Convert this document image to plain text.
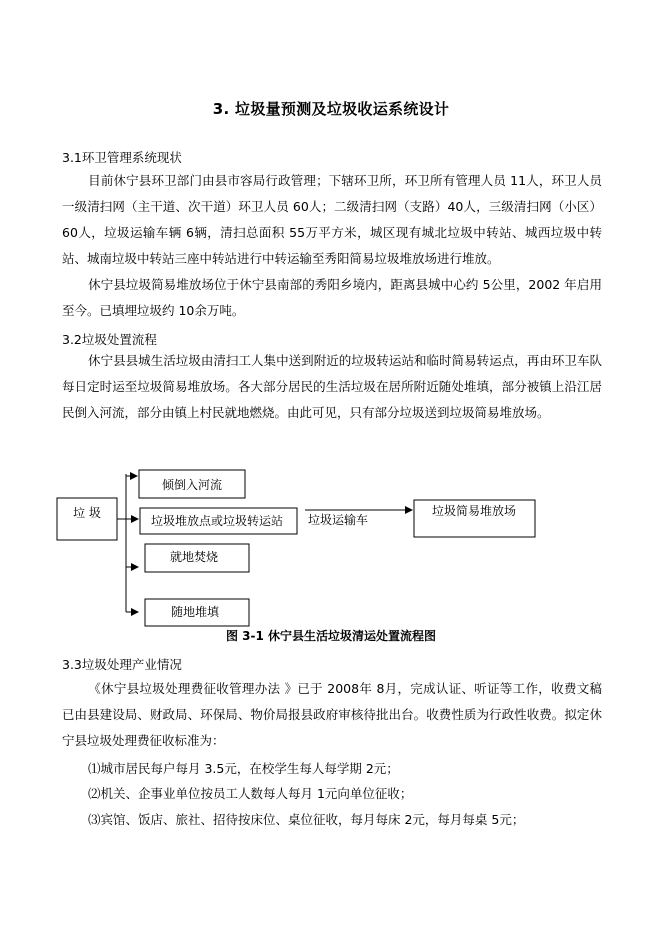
3. 垃圾量预测及垃圾收运系统设计
3.1环卫管理系统现状

目前休宁县环卫部门由县市容局行政管理；下辖环卫所，环卫所有管理人员 11人，环卫人员一级清扫网（主干道、次干道）环卫人员 60人；二级清扫网（支路）40人，三级清扫网（小区）60人，垃圾运输车辆 6辆，清扫总面积 55万平方米，城区现有城北垃圾中转站、城西垃圾中转站、城南垃圾中转站三座中转站进行中转运输至秀阳简易垃圾堆放场进行堆放。

休宁县垃圾简易堆放场位于休宁县南部的秀阳乡境内，距离县城中心约 5公里，2002 年启用至今。已填埋垃圾约 10余万吨。

3.2垃圾处置流程

休宁县县城生活垃圾由清扫工人集中送到附近的垃圾转运站和临时简易转运点，再由环卫车队每日定时运至垃圾简易堆放场。各大部分居民的生活垃圾在居所附近随处堆填，部分被镇上沿江居民倒入河流，部分由镇上村民就地燃烧。由此可见，只有部分垃圾送到垃圾简易堆放场。

垃 圾
倾倒入河流
垃圾堆放点或垃圾转运站
就地焚烧
随地堆填
垃圾运输车
垃圾简易堆放场
图 3-1 休宁县生活垃圾清运处置流程图
3.3垃圾处理产业情况

《休宁县垃圾处理费征收管理办法 》已于 2008年 8月，完成认证、听证等工作，收费文稿已由县建设局、财政局、环保局、物价局报县政府审核待批出台。收费性质为行政性收费。拟定休宁县垃圾处理费征收标准为：

⑴城市居民每户每月 3.5元，在校学生每人每学期 2元；
⑵机关、企事业单位按员工人数每人每月 1元向单位征收；
⑶宾馆、饭店、旅社、招待按床位、桌位征收，每月每床 2元，每月每桌 5元；
